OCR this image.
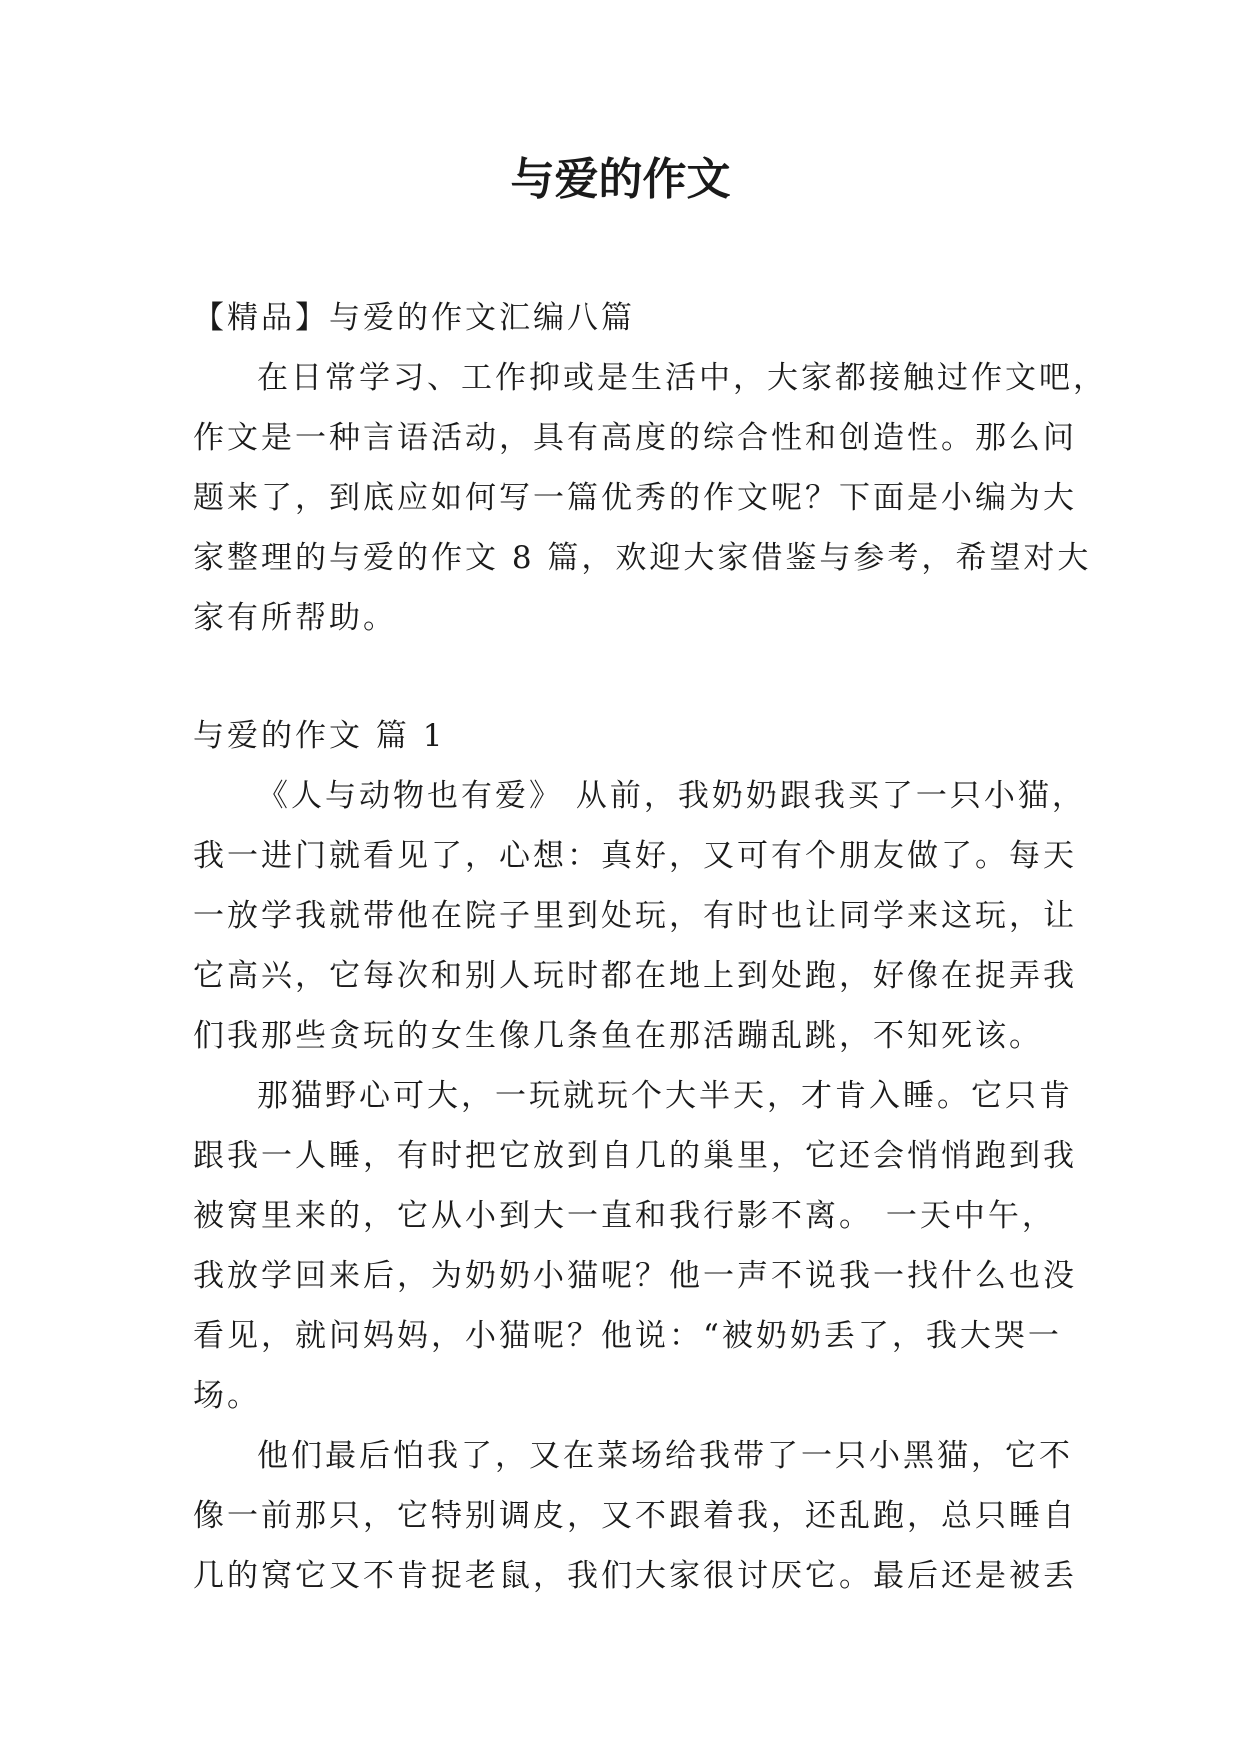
与爱的作文

【精品】与爱的作文汇编八篇

在日常学习、工作抑或是生活中，大家都接触过作文吧，

作文是一种言语活动，具有高度的综合性和创造性。那么问

题来了，到底应如何写一篇优秀的作文呢？下面是小编为大

家整理的与爱的作文 8 篇，欢迎大家借鉴与参考，希望对大

家有所帮助。

与爱的作文 篇 1

《人与动物也有爱》 从前，我奶奶跟我买了一只小猫，

我一进门就看见了，心想：真好，又可有个朋友做了。每天

一放学我就带他在院子里到处玩，有时也让同学来这玩，让

它高兴，它每次和别人玩时都在地上到处跑，好像在捉弄我

们我那些贪玩的女生像几条鱼在那活蹦乱跳，不知死该。

那猫野心可大，一玩就玩个大半天，才肯入睡。它只肯

跟我一人睡，有时把它放到自几的巢里，它还会悄悄跑到我

被窝里来的，它从小到大一直和我行影不离。 一天中午，

我放学回来后，为奶奶小猫呢？他一声不说我一找什么也没

看见，就问妈妈，小猫呢？他说：“被奶奶丢了，我大哭一

场。

他们最后怕我了，又在菜场给我带了一只小黑猫，它不

像一前那只，它特别调皮，又不跟着我，还乱跑，总只睡自

几的窝它又不肯捉老鼠，我们大家很讨厌它。最后还是被丢
